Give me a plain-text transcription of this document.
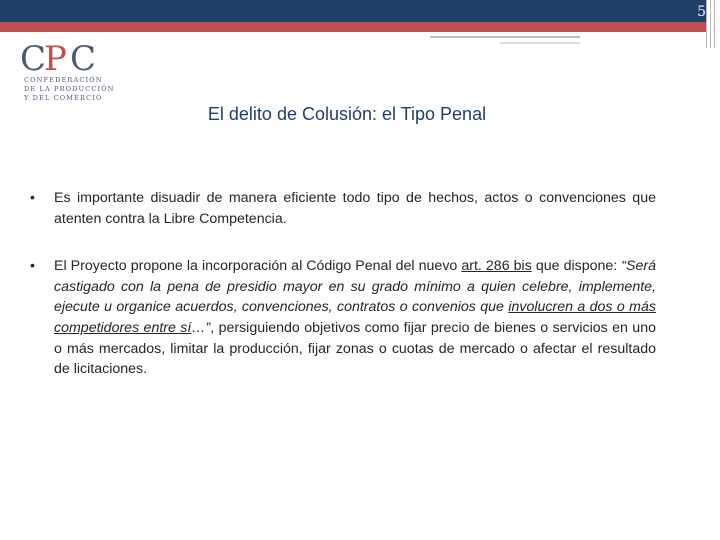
5
C P C
CONFEDERACIÓN
DE LA PRODUCCIÓN
Y DEL COMERCIO
El delito de Colusión: el Tipo Penal
• Es importante disuadir de manera eficiente todo tipo de hechos, actos o convenciones que atenten contra la Libre Competencia.
• El Proyecto propone la incorporación al Código Penal del nuevo art. 286 bis que dispone: “Será castigado con la pena de presidio mayor en su grado mínimo a quien celebre, implemente, ejecute u organice acuerdos, convenciones, contratos o convenios que involucren a dos o más competidores entre sí…”, persiguiendo objetivos como fijar precio de bienes o servicios en uno o más mercados, limitar la producción, fijar zonas o cuotas de mercado o afectar el resultado de licitaciones.
